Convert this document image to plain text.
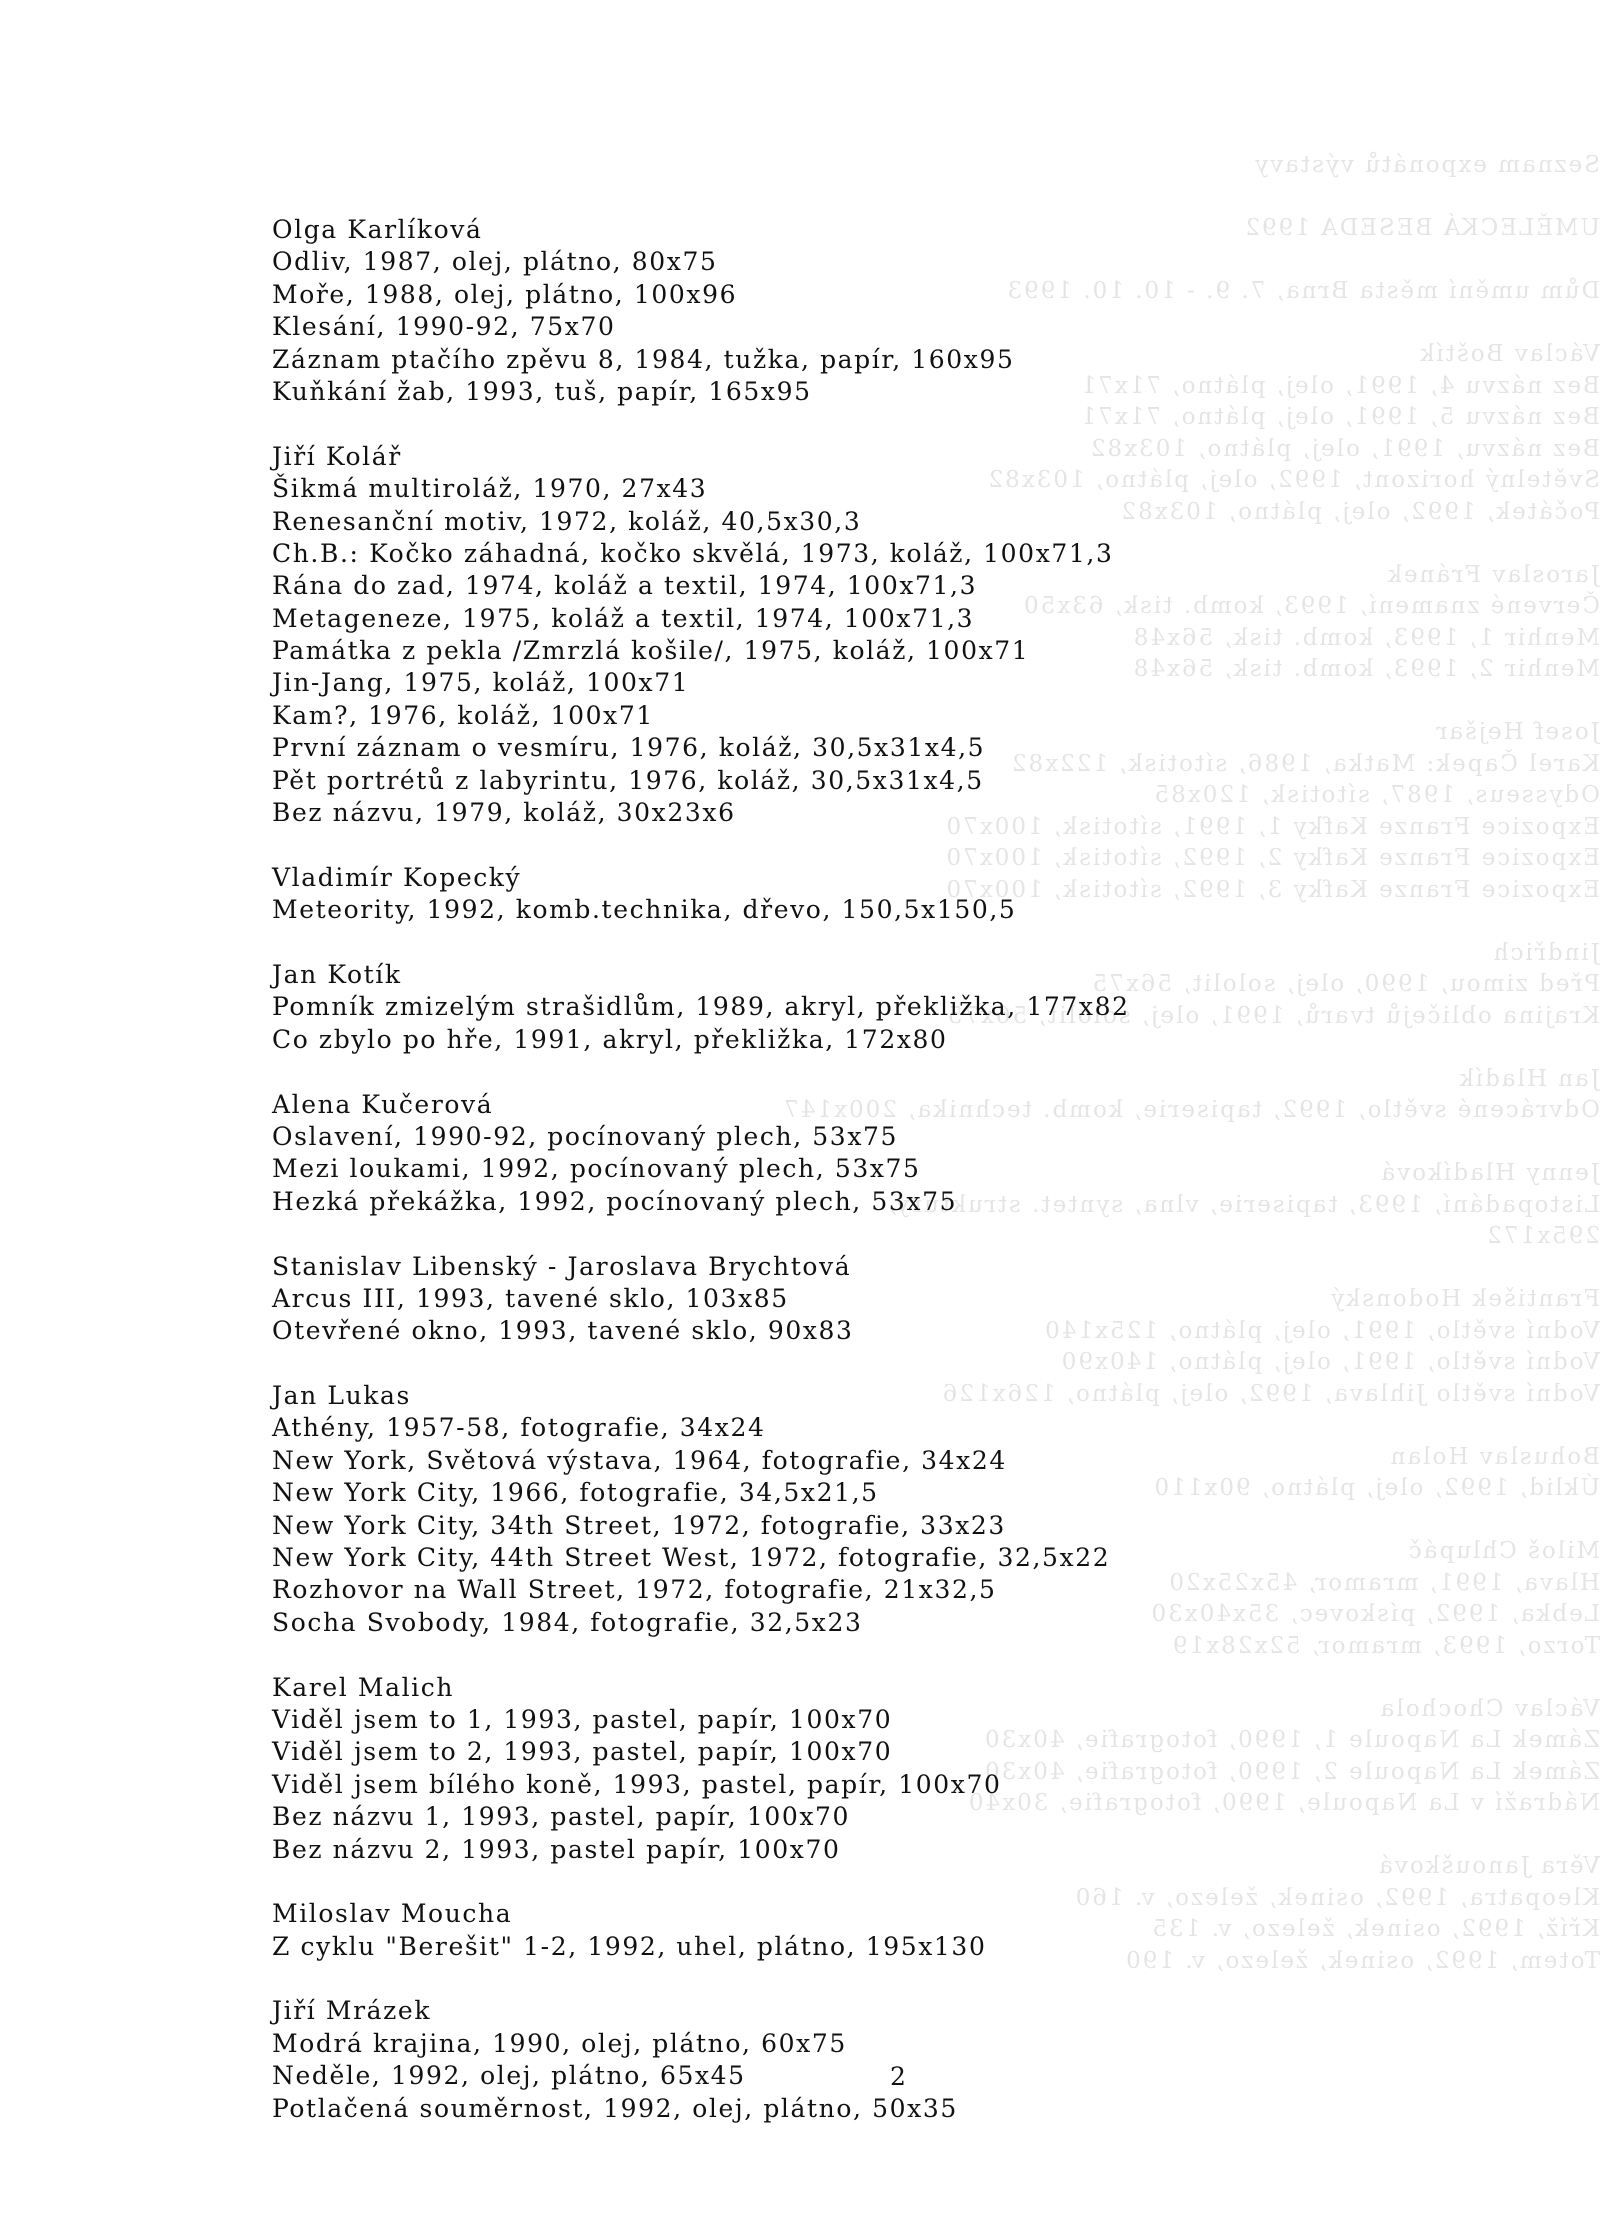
Seznam exponátů výstavy
UMĚLECKÁ BESEDA 1992
Dům umění města Brna, 7. 9. - 10. 10. 1993
Václav Boštík
Bez názvu 4, 1991, olej, plátno, 71x71
Bez názvu 5, 1991, olej, plátno, 71x71
Bez názvu, 1991, olej, plátno, 103x82
Světelný horizont, 1992, olej, plátno, 103x82
Počátek, 1992, olej, plátno, 103x82
Jaroslav Fránek
Červené znamení, 1993, komb. tisk, 63x50
Menhir 1, 1993, komb. tisk, 56x48
Menhir 2, 1993, komb. tisk, 56x48
Josef Hejšar
Karel Čapek: Matka, 1986, sítotisk, 122x82
Odysseus, 1987, sítotisk, 120x85
Expozice Franze Kafky 1, 1991, sítotisk, 100x70
Expozice Franze Kafky 2, 1992, sítotisk, 100x70
Expozice Franze Kafky 3, 1992, sítotisk, 100x70
Jindřich
Před zimou, 1990, olej, sololit, 56x75
Krajina obličejů tvarů, 1991, olej, sololit, 56x75
Jan Hladík
Odvrácené světlo, 1992, tapiserie, komb. technika, 200x147
Jenny Hladíková
Listopadání, 1993, tapiserie, vlna, syntet. struktury,
295x172
František Hodonský
Vodní světlo, 1991, olej, plátno, 125x140
Vodní světlo, 1991, olej, plátno, 140x90
Vodní světlo Jihlava, 1992, olej, plátno, 126x126
Bohuslav Holan
Úklid, 1992, olej, plátno, 90x110
Miloš Chlupáč
Hlava, 1991, mramor, 45x25x20
Lebka, 1992, pískovec, 35x40x30
Torzo, 1993, mramor, 52x28x19
Václav Chochola
Zámek La Napoule 1, 1990, fotografie, 40x30
Zámek La Napoule 2, 1990, fotografie, 40x30
Nádraží v La Napoule, 1990, fotografie, 30x40
Věra Janoušková
Kleopatra, 1992, osinek, železo, v. 160
Kříž, 1992, osinek, železo, v. 135
Totem, 1992, osinek, železo, v. 190
Olga Karlíková
Odliv, 1987, olej, plátno, 80x75
Moře, 1988, olej, plátno, 100x96
Klesání, 1990-92, 75x70
Záznam ptačího zpěvu 8, 1984, tužka, papír, 160x95
Kuňkání žab, 1993, tuš, papír, 165x95
Jiří Kolář
Šikmá multiroláž, 1970, 27x43
Renesanční motiv, 1972, koláž, 40,5x30,3
Ch.B.: Kočko záhadná, kočko skvělá, 1973, koláž, 100x71,3
Rána do zad, 1974, koláž a textil, 1974, 100x71,3
Metageneze, 1975, koláž a textil, 1974, 100x71,3
Památka z pekla /Zmrzlá košile/, 1975, koláž, 100x71
Jin-Jang, 1975, koláž, 100x71
Kam?, 1976, koláž, 100x71
První záznam o vesmíru, 1976, koláž, 30,5x31x4,5
Pět portrétů z labyrintu, 1976, koláž, 30,5x31x4,5
Bez názvu, 1979, koláž, 30x23x6
Vladimír Kopecký
Meteority, 1992, komb.technika, dřevo, 150,5x150,5
Jan Kotík
Pomník zmizelým strašidlům, 1989, akryl, překližka, 177x82
Co zbylo po hře, 1991, akryl, překližka, 172x80
Alena Kučerová
Oslavení, 1990-92, pocínovaný plech, 53x75
Mezi loukami, 1992, pocínovaný plech, 53x75
Hezká překážka, 1992, pocínovaný plech, 53x75
Stanislav Libenský - Jaroslava Brychtová
Arcus III, 1993, tavené sklo, 103x85
Otevřené okno, 1993, tavené sklo, 90x83
Jan Lukas
Athény, 1957-58, fotografie, 34x24
New York, Světová výstava, 1964, fotografie, 34x24
New York City, 1966, fotografie, 34,5x21,5
New York City, 34th Street, 1972, fotografie, 33x23
New York City, 44th Street West, 1972, fotografie, 32,5x22
Rozhovor na Wall Street, 1972, fotografie, 21x32,5
Socha Svobody, 1984, fotografie, 32,5x23
Karel Malich
Viděl jsem to 1, 1993, pastel, papír, 100x70
Viděl jsem to 2, 1993, pastel, papír, 100x70
Viděl jsem bílého koně, 1993, pastel, papír, 100x70
Bez názvu 1, 1993, pastel, papír, 100x70
Bez názvu 2, 1993, pastel papír, 100x70
Miloslav Moucha
Z cyklu "Berešit" 1-2, 1992, uhel, plátno, 195x130
Jiří Mrázek
Modrá krajina, 1990, olej, plátno, 60x75
Neděle, 1992, olej, plátno, 65x45
Potlačená souměrnost, 1992, olej, plátno, 50x35
2
